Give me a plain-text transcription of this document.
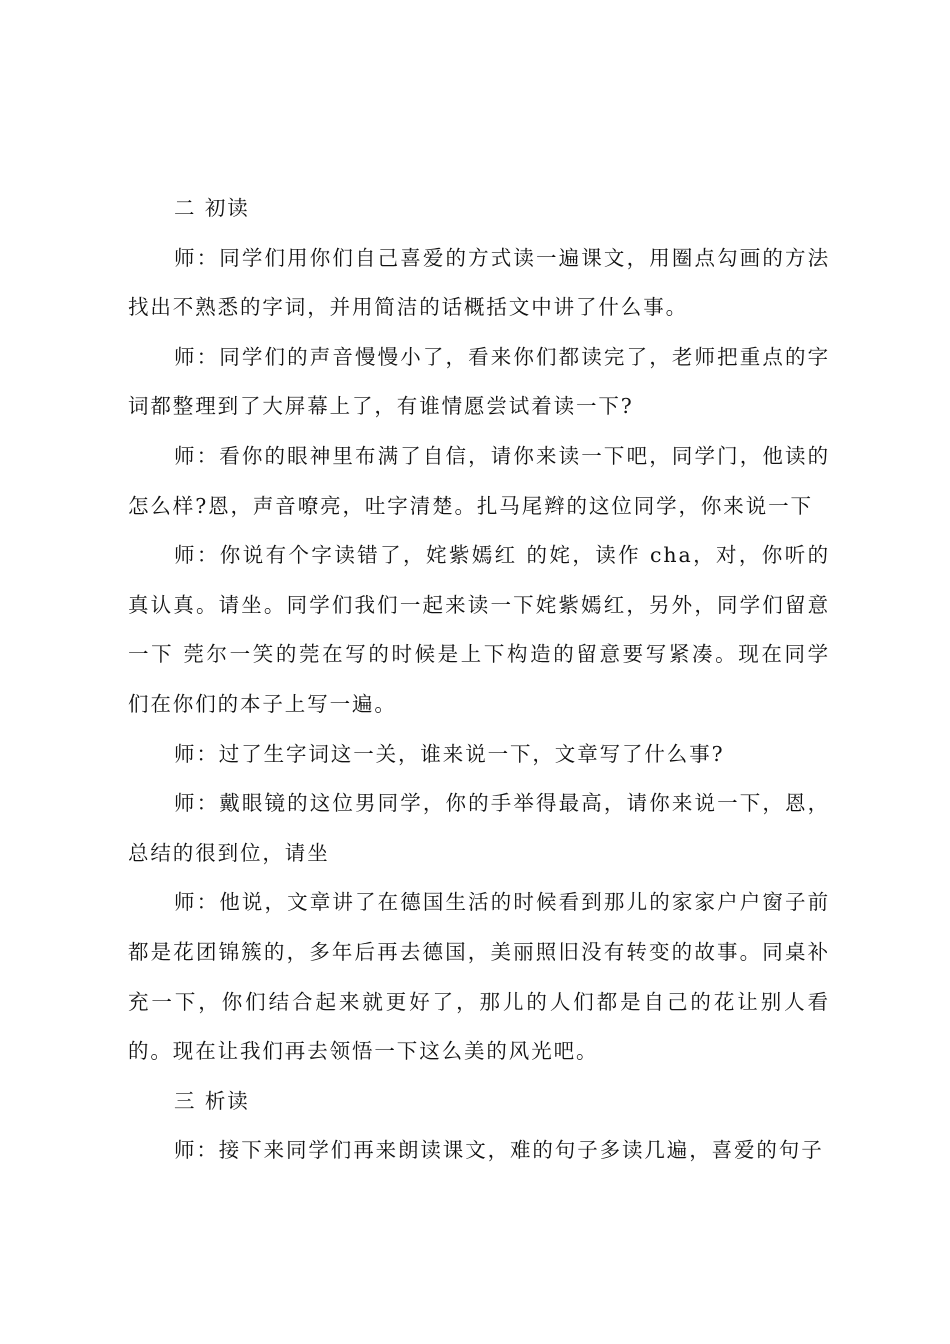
二 初读

师：同学们用你们自己喜爱的方式读一遍课文，用圈点勾画的方法找出不熟悉的字词，并用简洁的话概括文中讲了什么事。

师：同学们的声音慢慢小了，看来你们都读完了，老师把重点的字词都整理到了大屏幕上了，有谁情愿尝试着读一下?

师：看你的眼神里布满了自信，请你来读一下吧，同学门，他读的怎么样?恩，声音嘹亮，吐字清楚。扎马尾辫的这位同学，你来说一下

师：你说有个字读错了，姹紫嫣红 的姹，读作 cha，对，你听的真认真。请坐。同学们我们一起来读一下姹紫嫣红，另外，同学们留意一下 莞尔一笑的莞在写的时候是上下构造的留意要写紧凑。现在同学们在你们的本子上写一遍。

师：过了生字词这一关，谁来说一下，文章写了什么事?

师：戴眼镜的这位男同学，你的手举得最高，请你来说一下，恩，总结的很到位，请坐

师：他说，文章讲了在德国生活的时候看到那儿的家家户户窗子前都是花团锦簇的，多年后再去德国，美丽照旧没有转变的故事。同桌补充一下，你们结合起来就更好了，那儿的人们都是自己的花让别人看的。现在让我们再去领悟一下这么美的风光吧。

三 析读

师：接下来同学们再来朗读课文，难的句子多读几遍，喜爱的句子
